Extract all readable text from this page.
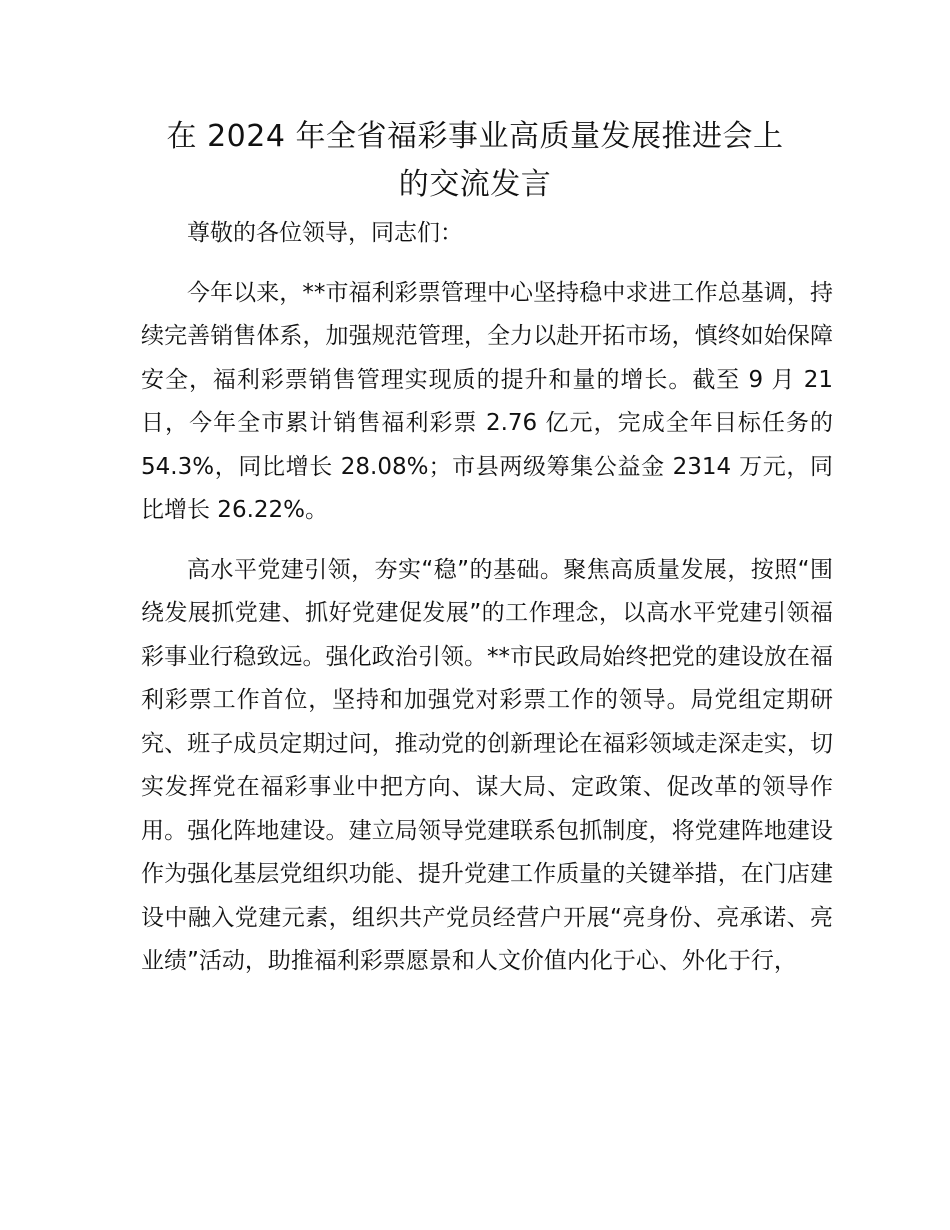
在 2024 年全省福彩事业高质量发展推进会上
的交流发言

尊敬的各位领导，同志们：

今年以来，**市福利彩票管理中心坚持稳中求进工作总基调，持续完善销售体系，加强规范管理，全力以赴开拓市场，慎终如始保障安全，福利彩票销售管理实现质的提升和量的增长。截至 9 月 21 日，今年全市累计销售福利彩票 2.76 亿元，完成全年目标任务的 54.3%，同比增长 28.08%；市县两级筹集公益金 2314 万元，同比增长 26.22%。

高水平党建引领，夯实“稳”的基础。聚焦高质量发展，按照“围绕发展抓党建、抓好党建促发展”的工作理念，以高水平党建引领福彩事业行稳致远。强化政治引领。**市民政局始终把党的建设放在福利彩票工作首位，坚持和加强党对彩票工作的领导。局党组定期研究、班子成员定期过问，推动党的创新理论在福彩领域走深走实，切实发挥党在福彩事业中把方向、谋大局、定政策、促改革的领导作用。强化阵地建设。建立局领导党建联系包抓制度，将党建阵地建设作为强化基层党组织功能、提升党建工作质量的关键举措，在门店建设中融入党建元素，组织共产党员经营户开展“亮身份、亮承诺、亮业绩”活动，助推福利彩票愿景和人文价值内化于心、外化于行，
